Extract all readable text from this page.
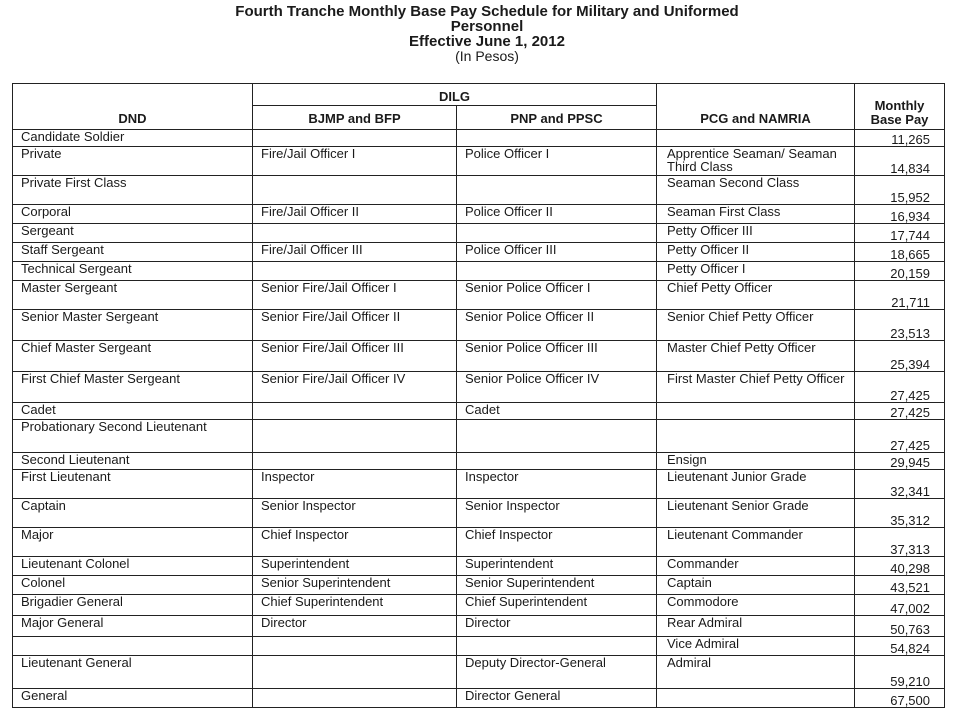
Fourth Tranche Monthly Base Pay Schedule for Military and Uniformed
Personnel
Effective June 1, 2012
(In Pesos)
DND	DILG		PCG and NAMRIA	Monthly Base Pay
	BJMP and BFP	PNP and PPSC		
Candidate Soldier				11,265
Private	Fire/Jail Officer I	Police Officer I	Apprentice Seaman/ Seaman Third Class	14,834
Private First Class			Seaman Second Class	15,952
Corporal	Fire/Jail Officer II	Police Officer II	Seaman First Class	16,934
Sergeant			Petty Officer III	17,744
Staff Sergeant	Fire/Jail Officer III	Police Officer III	Petty Officer II	18,665
Technical Sergeant			Petty Officer I	20,159
Master Sergeant	Senior Fire/Jail Officer I	Senior Police Officer I	Chief Petty Officer	21,711
Senior Master Sergeant	Senior Fire/Jail Officer II	Senior Police Officer II	Senior Chief Petty Officer	23,513
Chief Master Sergeant	Senior Fire/Jail Officer III	Senior Police Officer III	Master Chief Petty Officer	25,394
First Chief Master Sergeant	Senior Fire/Jail Officer IV	Senior Police Officer IV	First Master Chief Petty Officer	27,425
Cadet		Cadet		27,425
Probationary Second Lieutenant				27,425
Second Lieutenant			Ensign	29,945
First Lieutenant	Inspector	Inspector	Lieutenant Junior Grade	32,341
Captain	Senior Inspector	Senior Inspector	Lieutenant Senior Grade	35,312
Major	Chief Inspector	Chief Inspector	Lieutenant Commander	37,313
Lieutenant Colonel	Superintendent	Superintendent	Commander	40,298
Colonel	Senior Superintendent	Senior Superintendent	Captain	43,521
Brigadier General	Chief Superintendent	Chief Superintendent	Commodore	47,002
Major General	Director	Director	Rear Admiral	50,763
			Vice Admiral	54,824
Lieutenant General		Deputy Director-General	Admiral	59,210
General		Director General		67,500
